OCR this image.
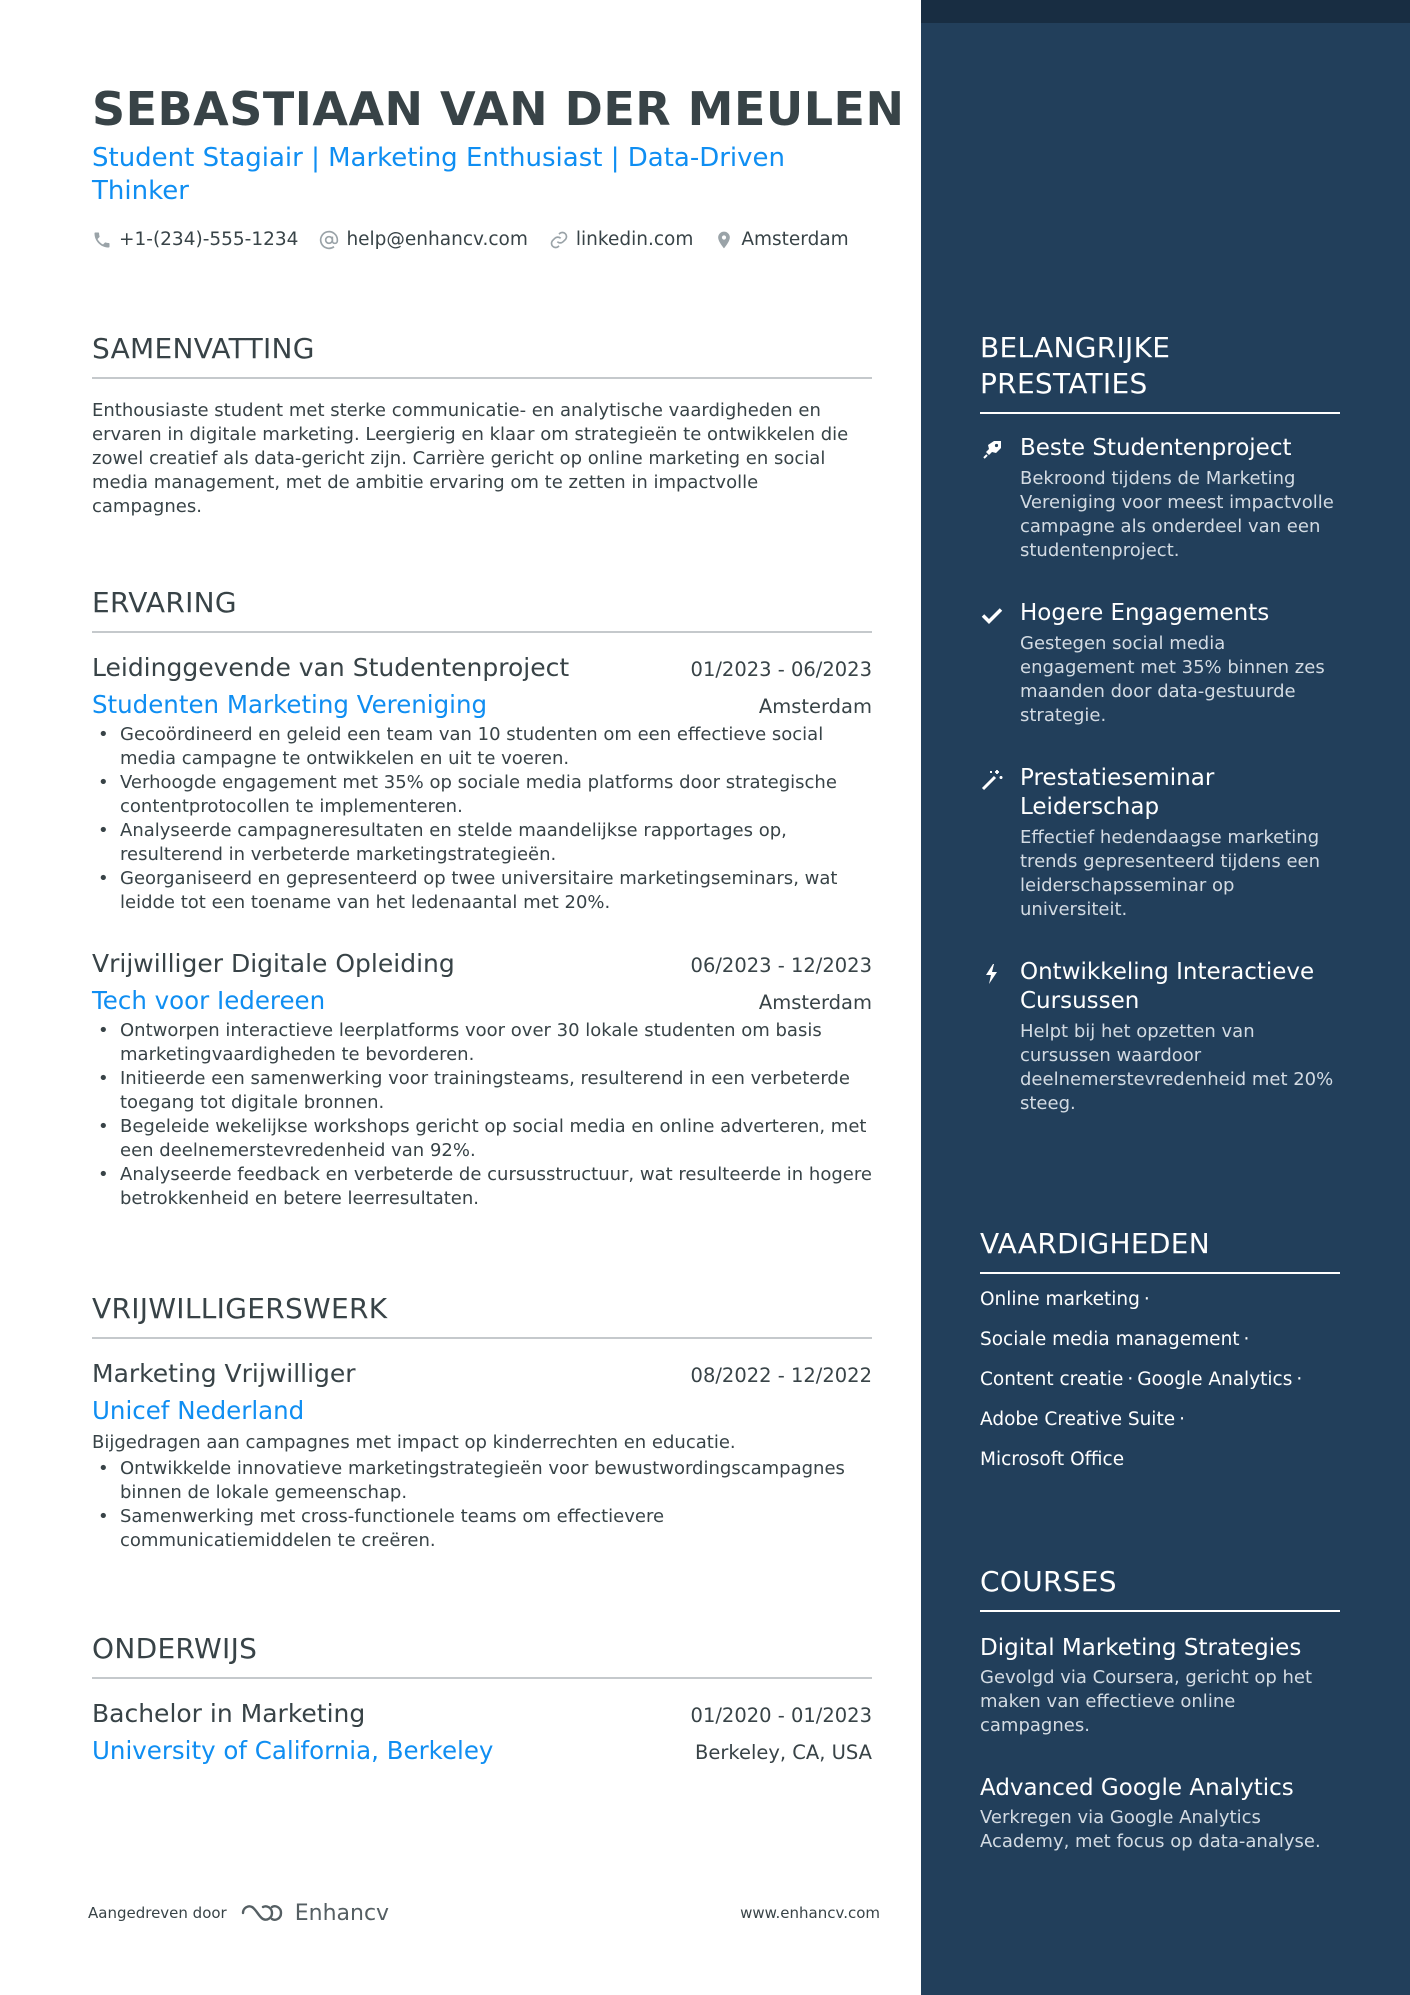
SEBASTIAAN VAN DER MEULEN
Student Stagiair | Marketing Enthusiast | Data-Driven Thinker
+1-(234)-555-1234	help@enhancv.com	linkedin.com	Amsterdam
SAMENVATTING
Enthousiaste student met sterke communicatie- en analytische vaardigheden en ervaren in digitale marketing. Leergierig en klaar om strategieën te ontwikkelen die zowel creatief als data-gericht zijn. Carrière gericht op online marketing en social media management, met de ambitie ervaring om te zetten in impactvolle campagnes.
ERVARING
Leidinggevende van Studentenproject	01/2023 - 06/2023
Studenten Marketing Vereniging	Amsterdam
• Gecoördineerd en geleid een team van 10 studenten om een effectieve social media campagne te ontwikkelen en uit te voeren.
• Verhoogde engagement met 35% op sociale media platforms door strategische contentprotocollen te implementeren.
• Analyseerde campagneresultaten en stelde maandelijkse rapportages op, resulterend in verbeterde marketingstrategieën.
• Georganiseerd en gepresenteerd op twee universitaire marketingseminars, wat leidde tot een toename van het ledenaantal met 20%.
Vrijwilliger Digitale Opleiding	06/2023 - 12/2023
Tech voor Iedereen	Amsterdam
• Ontworpen interactieve leerplatforms voor over 30 lokale studenten om basis marketingvaardigheden te bevorderen.
• Initieerde een samenwerking voor trainingsteams, resulterend in een verbeterde toegang tot digitale bronnen.
• Begeleide wekelijkse workshops gericht op social media en online adverteren, met een deelnemerstevredenheid van 92%.
• Analyseerde feedback en verbeterde de cursusstructuur, wat resulteerde in hogere betrokkenheid en betere leerresultaten.
VRIJWILLIGERSWERK
Marketing Vrijwilliger	08/2022 - 12/2022
Unicef Nederland
Bijgedragen aan campagnes met impact op kinderrechten en educatie.
• Ontwikkelde innovatieve marketingstrategieën voor bewustwordingscampagnes binnen de lokale gemeenschap.
• Samenwerking met cross-functionele teams om effectievere communicatiemiddelen te creëren.
ONDERWIJS
Bachelor in Marketing	01/2020 - 01/2023
University of California, Berkeley	Berkeley, CA, USA
Aangedreven door	Enhancv	www.enhancv.com
BELANGRIJKE PRESTATIES
Beste Studentenproject
Bekroond tijdens de Marketing Vereniging voor meest impactvolle campagne als onderdeel van een studentenproject.
Hogere Engagements
Gestegen social media engagement met 35% binnen zes maanden door data-gestuurde strategie.
Prestatieseminar Leiderschap
Effectief hedendaagse marketing trends gepresenteerd tijdens een leiderschapsseminar op universiteit.
Ontwikkeling Interactieve Cursussen
Helpt bij het opzetten van cursussen waardoor deelnemerstevredenheid met 20% steeg.
VAARDIGHEDEN
Online marketing ·
Sociale media management ·
Content creatie · Google Analytics ·
Adobe Creative Suite ·
Microsoft Office
COURSES
Digital Marketing Strategies
Gevolgd via Coursera, gericht op het maken van effectieve online campagnes.
Advanced Google Analytics
Verkregen via Google Analytics Academy, met focus op data-analyse.
